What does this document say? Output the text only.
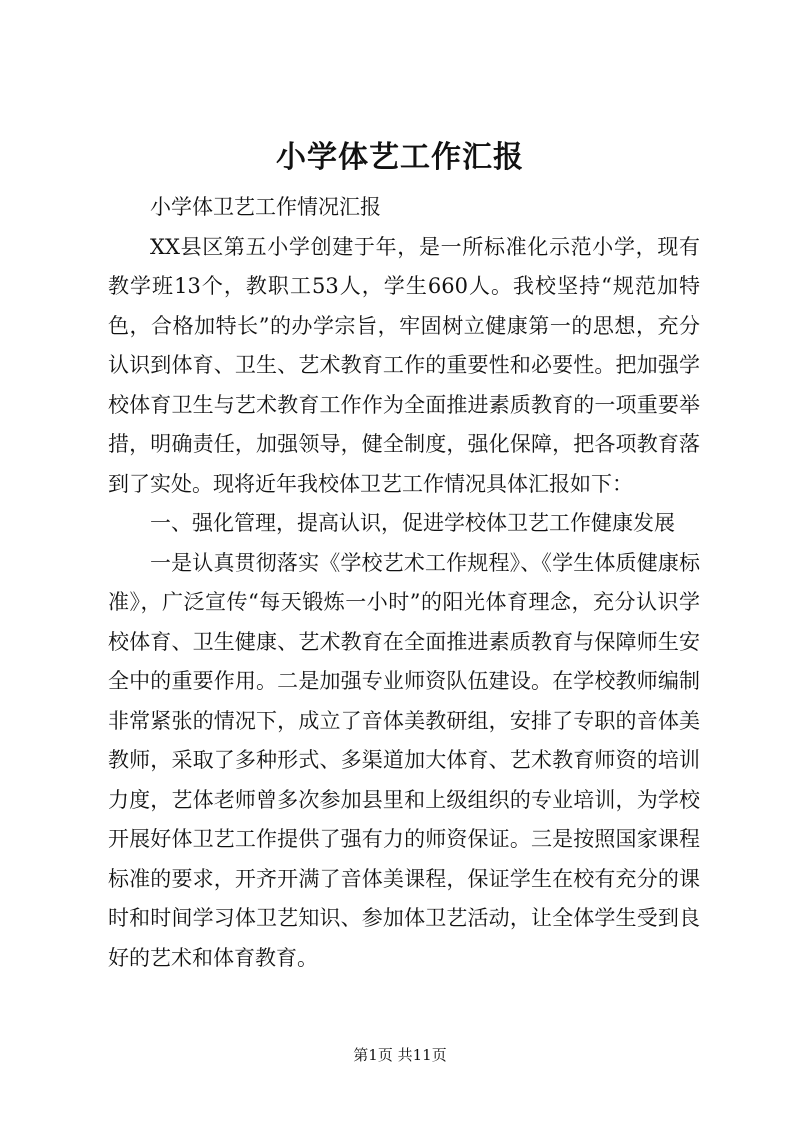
小学体艺工作汇报

小学体卫艺工作情况汇报

XX县区第五小学创建于年，是一所标准化示范小学，现有教学班13个，教职工53人，学生660人。我校坚持“规范加特色，合格加特长”的办学宗旨，牢固树立健康第一的思想，充分认识到体育、卫生、艺术教育工作的重要性和必要性。把加强学校体育卫生与艺术教育工作作为全面推进素质教育的一项重要举措，明确责任，加强领导，健全制度，强化保障，把各项教育落到了实处。现将近年我校体卫艺工作情况具体汇报如下：

一、强化管理，提高认识，促进学校体卫艺工作健康发展

一是认真贯彻落实《学校艺术工作规程》、《学生体质健康标准》，广泛宣传“每天锻炼一小时”的阳光体育理念，充分认识学校体育、卫生健康、艺术教育在全面推进素质教育与保障师生安全中的重要作用。二是加强专业师资队伍建设。在学校教师编制非常紧张的情况下，成立了音体美教研组，安排了专职的音体美教师，采取了多种形式、多渠道加大体育、艺术教育师资的培训力度，艺体老师曾多次参加县里和上级组织的专业培训，为学校开展好体卫艺工作提供了强有力的师资保证。三是按照国家课程标准的要求，开齐开满了音体美课程，保证学生在校有充分的课时和时间学习体卫艺知识、参加体卫艺活动，让全体学生受到良好的艺术和体育教育。

第1页 共11页
